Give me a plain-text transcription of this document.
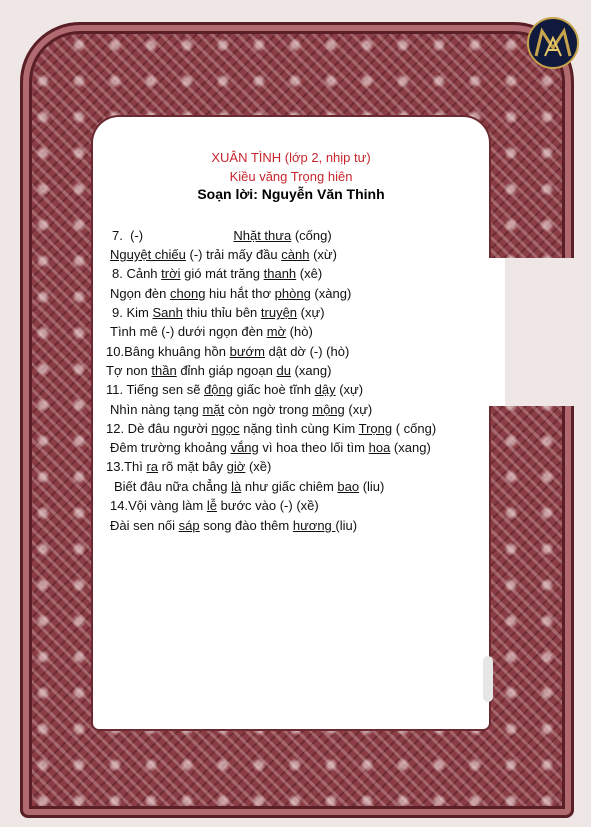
XUÂN TÌNH (lớp 2, nhịp tư)
Kiều văng Trọng hiên
Soạn lời: Nguyễn Văn Thinh
7.  (-)                         Nhặt thưa (cống)
Nguyệt chiếu (-) trải mấy đầu cành (xừ)
8. Cảnh trời gió mát trăng thanh (xê)
Ngọn đèn chong hiu hắt thơ phòng (xàng)
9. Kim Sanh thiu thỉu bên truyện (xự)
Tình mê (-) dưới ngọn đèn mờ (hò)
10.Bâng khuâng hồn bướm dật dờ (-) (hò)
Tợ non thần đỉnh giáp ngoạn du (xang)
11. Tiếng sen sẽ động giấc hoè tĩnh dậy (xự)
Nhìn nàng tạng mặt còn ngờ trong mộng (xự)
12. Dè đâu người ngọc nặng tình cùng Kim Trọng ( cống)
Đêm trường khoảng vắng vì hoa theo lối tìm hoa (xang)
13.Thì ra rõ mặt bây giờ (xề)
Biết đâu nữa chẳng là như giấc chiêm bao (liu)
14.Vội vàng làm lễ bước vào (-) (xề)
Đài sen nối sáp song đào thêm hương (liu)
